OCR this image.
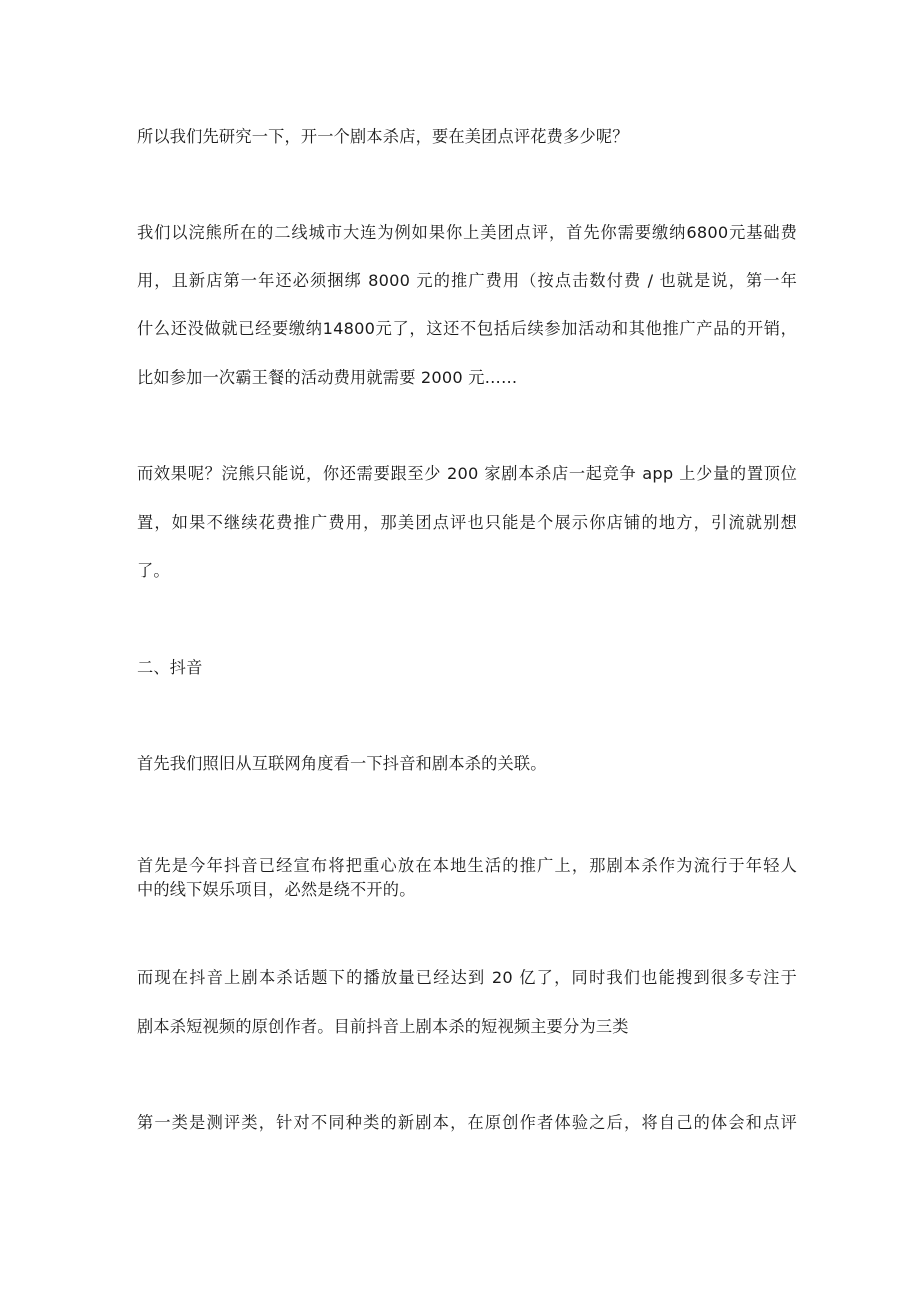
所以我们先研究一下，开一个剧本杀店，要在美团点评花费多少呢？
我们以浣熊所在的二线城市大连为例如果你上美团点评，首先你需要缴纳6800元基础费
用，且新店第一年还必须捆绑 8000 元的推广费用（按点击数付费 / 也就是说，第一年
什么还没做就已经要缴纳14800元了，这还不包括后续参加活动和其他推广产品的开销，
比如参加一次霸王餐的活动费用就需要 2000 元……
而效果呢？浣熊只能说，你还需要跟至少 200 家剧本杀店一起竞争 app 上少量的置顶位
置，如果不继续花费推广费用，那美团点评也只能是个展示你店铺的地方，引流就别想
了。
二、抖音
首先我们照旧从互联网角度看一下抖音和剧本杀的关联。
首先是今年抖音已经宣布将把重心放在本地生活的推广上，那剧本杀作为流行于年轻人
中的线下娱乐项目，必然是绕不开的。
而现在抖音上剧本杀话题下的播放量已经达到 20 亿了，同时我们也能搜到很多专注于
剧本杀短视频的原创作者。目前抖音上剧本杀的短视频主要分为三类
第一类是测评类，针对不同种类的新剧本，在原创作者体验之后，将自己的体会和点评
